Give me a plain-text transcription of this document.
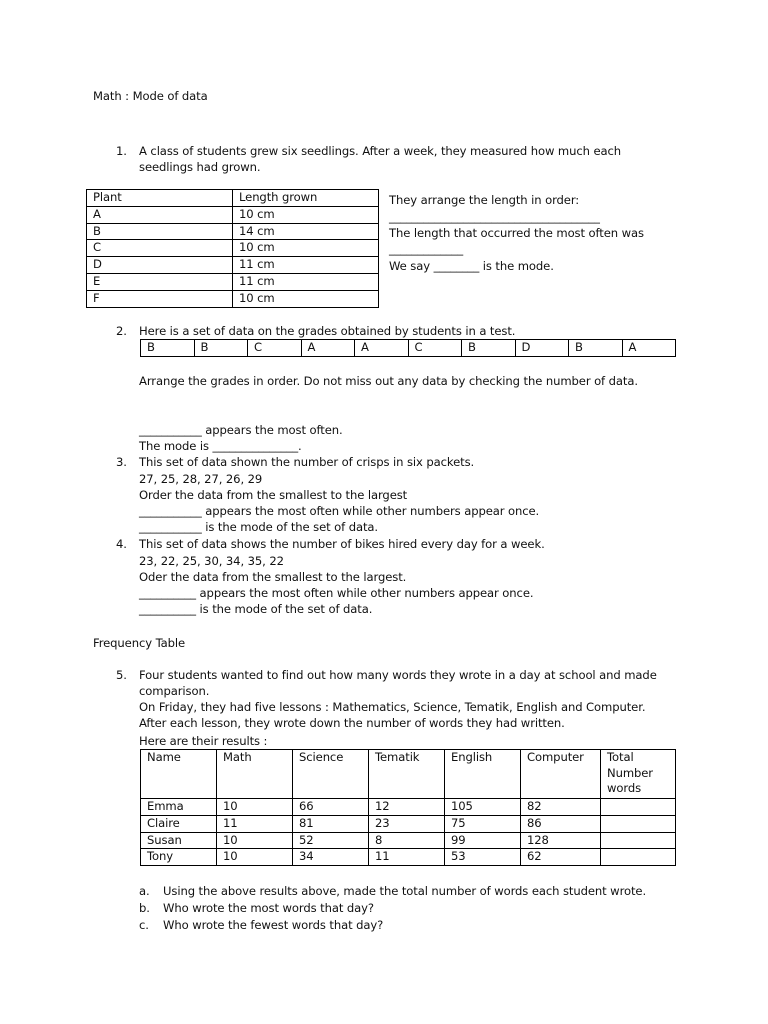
Math : Mode of data
1. A class of students grew six seedlings. After a week, they measured how much each
seedlings had grown.
Plant	Length grown
A	10 cm
B	14 cm
C	10 cm
D	11 cm
E	11 cm
F	10 cm
They arrange the length in order:
_____________________________________
The length that occurred the most often was
_____________
We say ________ is the mode.
2. Here is a set of data on the grades obtained by students in a test.
B	B	C	A	A	C	B	D	B	A
Arrange the grades in order. Do not miss out any data by checking the number of data.
___________ appears the most often.
The mode is _______________.
3. This set of data shown the number of crisps in six packets.
27, 25, 28, 27, 26, 29
Order the data from the smallest to the largest
___________ appears the most often while other numbers appear once.
___________ is the mode of the set of data.
4. This set of data shows the number of bikes hired every day for a week.
23, 22, 25, 30, 34, 35, 22
Oder the data from the smallest to the largest.
__________ appears the most often while other numbers appear once.
__________ is the mode of the set of data.
Frequency Table
5. Four students wanted to find out how many words they wrote in a day at school and made
comparison.
On Friday, they had five lessons : Mathematics, Science, Tematik, English and Computer.
After each lesson, they wrote down the number of words they had written.
Here are their results :
Name	Math	Science	Tematik	English	Computer	Total Number words
Emma	10	66	12	105	82	
Claire	11	81	23	75	86	
Susan	10	52	8	99	128	
Tony	10	34	11	53	62	
a. Using the above results above, made the total number of words each student wrote.
b. Who wrote the most words that day?
c. Who wrote the fewest words that day?
